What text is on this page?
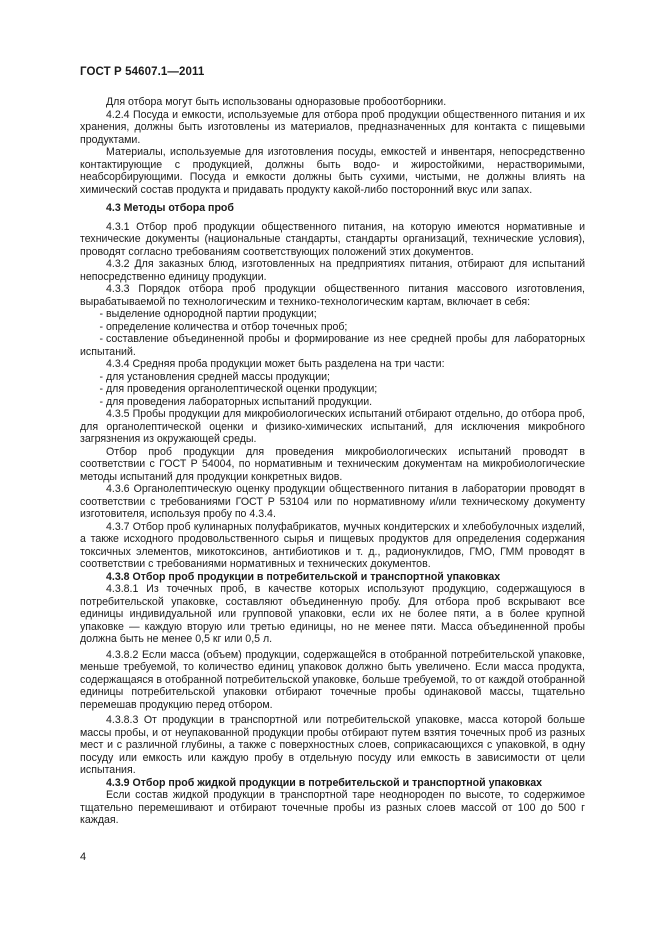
ГОСТ Р 54607.1—2011

Для отбора могут быть использованы одноразовые пробоотборники.

4.2.4 Посуда и емкости, используемые для отбора проб продукции общественного питания и их хранения, должны быть изготовлены из материалов, предназначенных для контакта с пищевыми продуктами.

Материалы, используемые для изготовления посуды, емкостей и инвентаря, непосредственно контактирующие с продукцией, должны быть водо- и жиростойкими, нерастворимыми, неабсорбирующими. Посуда и емкости должны быть сухими, чистыми, не должны влиять на химический состав продукта и придавать продукту какой-либо посторонний вкус или запах.

4.3 Методы отбора проб

4.3.1 Отбор проб продукции общественного питания, на которую имеются нормативные и технические документы (национальные стандарты, стандарты организаций, технические условия), проводят согласно требованиям соответствующих положений этих документов.

4.3.2 Для заказных блюд, изготовленных на предприятиях питания, отбирают для испытаний непосредственно единицу продукции.

4.3.3 Порядок отбора проб продукции общественного питания массового изготовления, вырабатываемой по технологическим и технико-технологическим картам, включает в себя:

- выделение однородной партии продукции;

- определение количества и отбор точечных проб;

- составление объединенной пробы и формирование из нее средней пробы для лабораторных испытаний.

4.3.4 Средняя проба продукции может быть разделена на три части:

- для установления средней массы продукции;

- для проведения органолептической оценки продукции;

- для проведения лабораторных испытаний продукции.

4.3.5 Пробы продукции для микробиологических испытаний отбирают отдельно, до отбора проб, для органолептической оценки и физико-химических испытаний, для исключения микробного загрязнения из окружающей среды.

Отбор проб продукции для проведения микробиологических испытаний проводят в соответствии с ГОСТ Р 54004, по нормативным и техническим документам на микробиологические методы испытаний для продукции конкретных видов.

4.3.6 Органолептическую оценку продукции общественного питания в лаборатории проводят в соответствии с требованиями ГОСТ Р 53104 или по нормативному и/или техническому документу изготовителя, используя пробу по 4.3.4.

4.3.7 Отбор проб кулинарных полуфабрикатов, мучных кондитерских и хлебобулочных изделий, а также исходного продовольственного сырья и пищевых продуктов для определения содержания токсичных элементов, микотоксинов, антибиотиков и т. д., радионуклидов, ГМО, ГММ проводят в соответствии с требованиями нормативных и технических документов.

4.3.8 Отбор проб продукции в потребительской и транспортной упаковках

4.3.8.1 Из точечных проб, в качестве которых используют продукцию, содержащуюся в потребительской упаковке, составляют объединенную пробу. Для отбора проб вскрывают все единицы индивидуальной или групповой упаковки, если их не более пяти, а в более крупной упаковке — каждую вторую или третью единицы, но не менее пяти. Масса объединенной пробы должна быть не менее 0,5 кг или 0,5 л.

4.3.8.2 Если масса (объем) продукции, содержащейся в отобранной потребительской упаковке, меньше требуемой, то количество единиц упаковок должно быть увеличено. Если масса продукта, содержащаяся в отобранной потребительской упаковке, больше требуемой, то от каждой отобранной единицы потребительской упаковки отбирают точечные пробы одинаковой массы, тщательно перемешав продукцию перед отбором.

4.3.8.3 От продукции в транспортной или потребительской упаковке, масса которой больше массы пробы, и от неупакованной продукции пробы отбирают путем взятия точечных проб из разных мест и с различной глубины, а также с поверхностных слоев, соприкасающихся с упаковкой, в одну посуду или емкость или каждую пробу в отдельную посуду или емкость в зависимости от цели испытания.

4.3.9 Отбор проб жидкой продукции в потребительской и транспортной упаковках

Если состав жидкой продукции в транспортной таре неоднороден по высоте, то содержимое тщательно перемешивают и отбирают точечные пробы из разных слоев массой от 100 до 500 г каждая.

4
